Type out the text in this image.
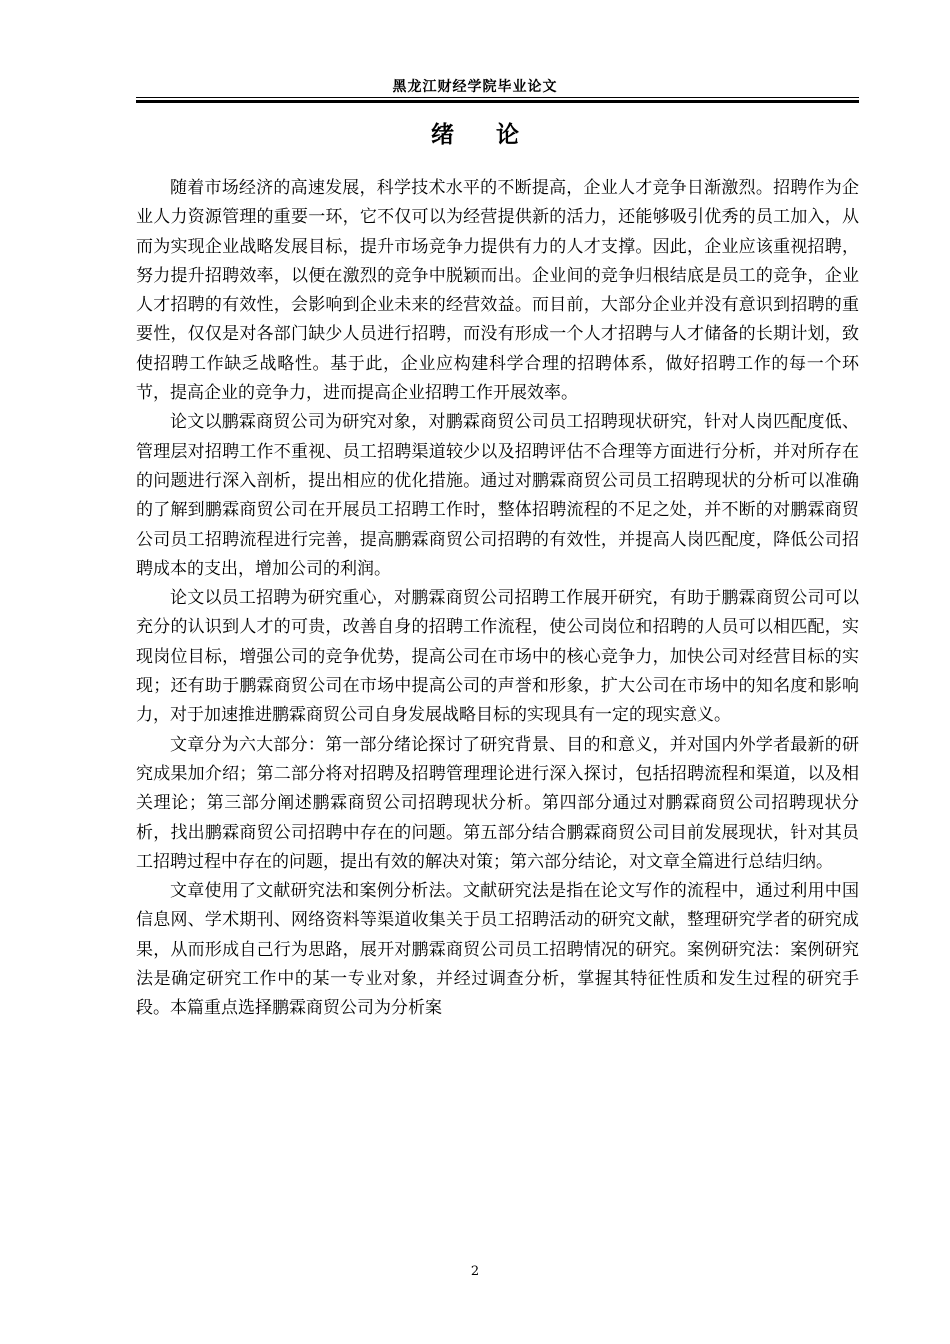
黑龙江财经学院毕业论文
绪论

随着市场经济的高速发展，科学技术水平的不断提高，企业人才竞争日渐激烈。招聘作为企业人力资源管理的重要一环，它不仅可以为经营提供新的活力，还能够吸引优秀的员工加入，从而为实现企业战略发展目标，提升市场竞争力提供有力的人才支撑。因此，企业应该重视招聘，努力提升招聘效率，以便在激烈的竞争中脱颖而出。企业间的竞争归根结底是员工的竞争，企业人才招聘的有效性，会影响到企业未来的经营效益。而目前，大部分企业并没有意识到招聘的重要性，仅仅是对各部门缺少人员进行招聘，而没有形成一个人才招聘与人才储备的长期计划，致使招聘工作缺乏战略性。基于此，企业应构建科学合理的招聘体系，做好招聘工作的每一个环节，提高企业的竞争力，进而提高企业招聘工作开展效率。

论文以鹏霖商贸公司为研究对象，对鹏霖商贸公司员工招聘现状研究，针对人岗匹配度低、管理层对招聘工作不重视、员工招聘渠道较少以及招聘评估不合理等方面进行分析，并对所存在的问题进行深入剖析，提出相应的优化措施。通过对鹏霖商贸公司员工招聘现状的分析可以准确的了解到鹏霖商贸公司在开展员工招聘工作时，整体招聘流程的不足之处，并不断的对鹏霖商贸公司员工招聘流程进行完善，提高鹏霖商贸公司招聘的有效性，并提高人岗匹配度，降低公司招聘成本的支出，增加公司的利润。

论文以员工招聘为研究重心，对鹏霖商贸公司招聘工作展开研究，有助于鹏霖商贸公司可以充分的认识到人才的可贵，改善自身的招聘工作流程，使公司岗位和招聘的人员可以相匹配，实现岗位目标，增强公司的竞争优势，提高公司在市场中的核心竞争力，加快公司对经营目标的实现；还有助于鹏霖商贸公司在市场中提高公司的声誉和形象，扩大公司在市场中的知名度和影响力，对于加速推进鹏霖商贸公司自身发展战略目标的实现具有一定的现实意义。

文章分为六大部分：第一部分绪论探讨了研究背景、目的和意义，并对国内外学者最新的研究成果加介绍；第二部分将对招聘及招聘管理理论进行深入探讨，包括招聘流程和渠道，以及相关理论；第三部分阐述鹏霖商贸公司招聘现状分析。第四部分通过对鹏霖商贸公司招聘现状分析，找出鹏霖商贸公司招聘中存在的问题。第五部分结合鹏霖商贸公司目前发展现状，针对其员工招聘过程中存在的问题，提出有效的解决对策；第六部分结论，对文章全篇进行总结归纳。

文章使用了文献研究法和案例分析法。文献研究法是指在论文写作的流程中，通过利用中国信息网、学术期刊、网络资料等渠道收集关于员工招聘活动的研究文献，整理研究学者的研究成果，从而形成自己行为思路，展开对鹏霖商贸公司员工招聘情况的研究。案例研究法：案例研究法是确定研究工作中的某一专业对象，并经过调查分析，掌握其特征性质和发生过程的研究手段。本篇重点选择鹏霖商贸公司为分析案

2
